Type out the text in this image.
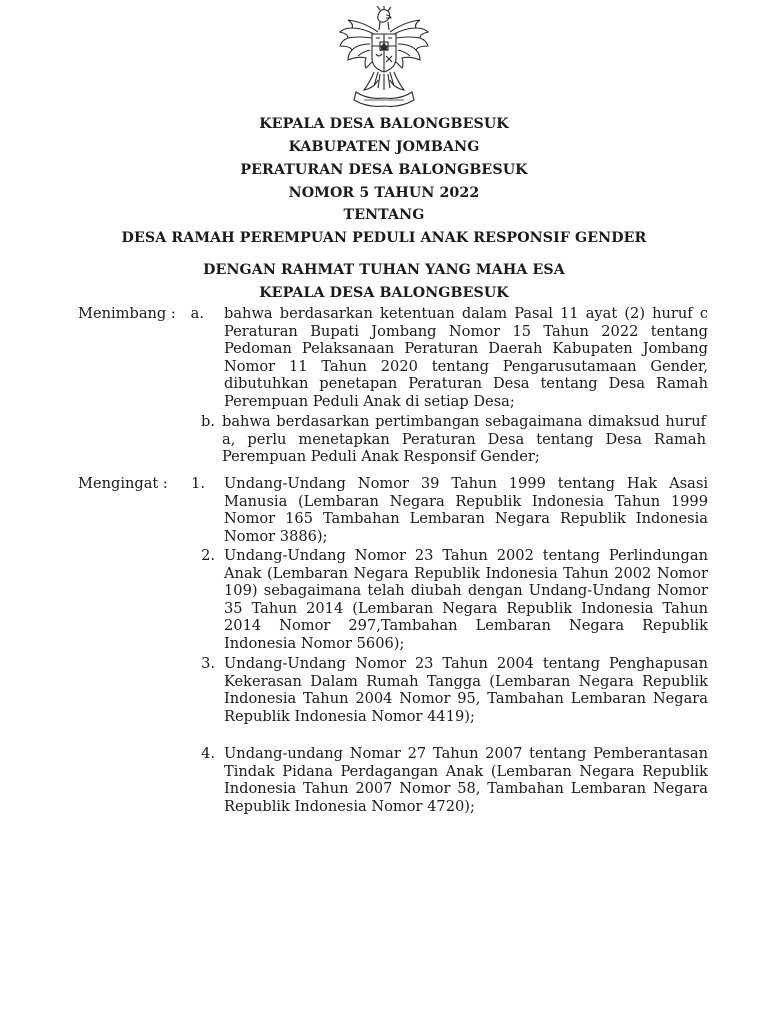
KEPALA DESA BALONGBESUK
KABUPATEN JOMBANG
PERATURAN DESA BALONGBESUK
NOMOR 5 TAHUN 2022
TENTANG
DESA RAMAH PEREMPUAN PEDULI ANAK RESPONSIF GENDER
DENGAN RAHMAT TUHAN YANG MAHA ESA
KEPALA DESA BALONGBESUK
Menimbang :	a. bahwa berdasarkan ketentuan dalam Pasal 11 ayat (2) huruf c Peraturan Bupati Jombang Nomor 15 Tahun 2022 tentang Pedoman Pelaksanaan Peraturan Daerah Kabupaten Jombang Nomor 11 Tahun 2020 tentang Pengarusutamaan Gender, dibutuhkan penetapan Peraturan Desa tentang Desa Ramah Perempuan Peduli Anak di setiap Desa;
b. bahwa berdasarkan pertimbangan sebagaimana dimaksud huruf a, perlu menetapkan Peraturan Desa tentang Desa Ramah Perempuan Peduli Anak Responsif Gender;
Mengingat :	1. Undang-Undang Nomor 39 Tahun 1999 tentang Hak Asasi Manusia (Lembaran Negara Republik Indonesia Tahun 1999 Nomor 165 Tambahan Lembaran Negara Republik Indonesia Nomor 3886);
2. Undang-Undang Nomor 23 Tahun 2002 tentang Perlindungan Anak (Lembaran Negara Republik Indonesia Tahun 2002 Nomor 109) sebagaimana telah diubah dengan Undang-Undang Nomor 35 Tahun 2014 (Lembaran Negara Republik Indonesia Tahun 2014 Nomor 297,Tambahan Lembaran Negara Republik Indonesia Nomor 5606);
3. Undang-Undang Nomor 23 Tahun 2004 tentang Penghapusan Kekerasan Dalam Rumah Tangga (Lembaran Negara Republik Indonesia Tahun 2004 Nomor 95, Tambahan Lembaran Negara Republik Indonesia Nomor 4419);
4. Undang-undang Nomar 27 Tahun 2007 tentang Pemberantasan Tindak Pidana Perdagangan Anak (Lembaran Negara Republik Indonesia Tahun 2007 Nomor 58, Tambahan Lembaran Negara Republik Indonesia Nomor 4720);
